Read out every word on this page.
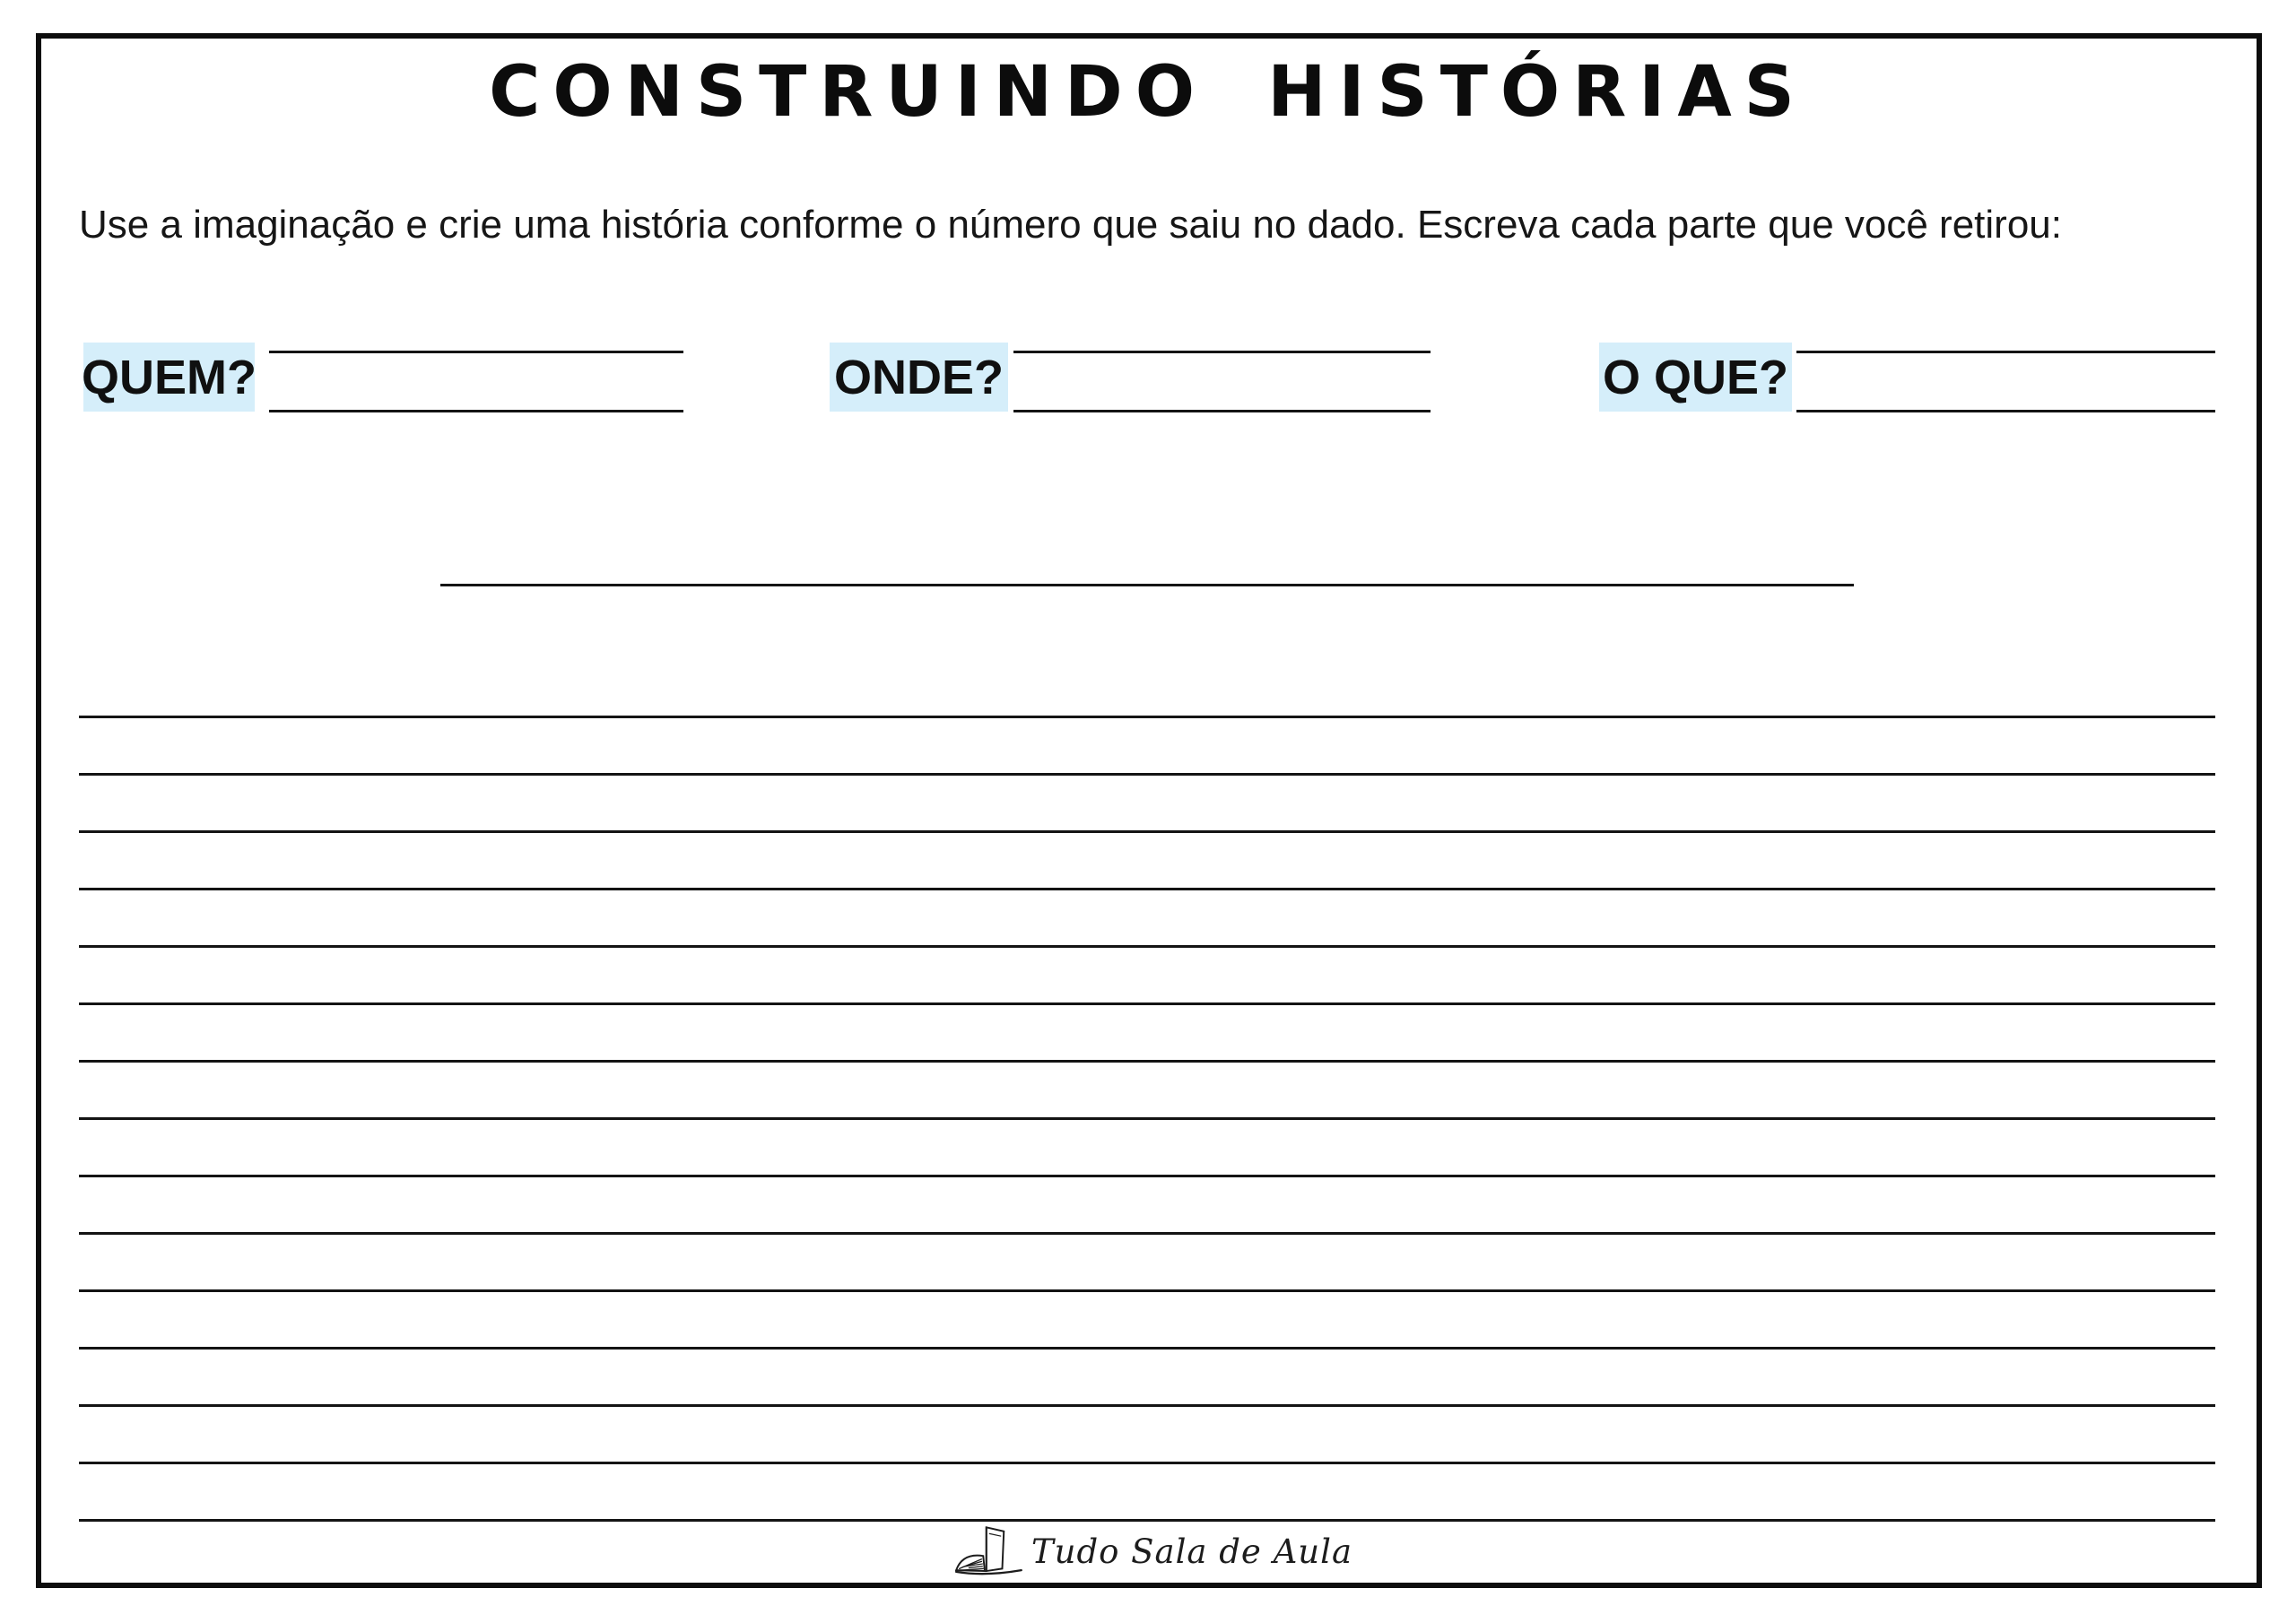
CONSTRUINDO HISTÓRIAS
Use a imaginação e crie uma história conforme o número que saiu no dado. Escreva cada parte que você retirou:
QUEM?	ONDE?	O QUE?
Tudo Sala de Aula
